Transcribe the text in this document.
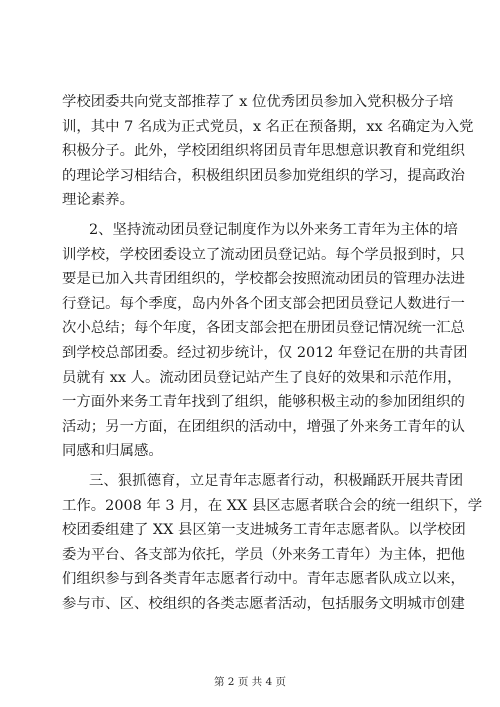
学校团委共向党支部推荐了 x 位优秀团员参加入党积极分子培
训，其中 7 名成为正式党员，x 名正在预备期，xx 名确定为入党
积极分子。此外，学校团组织将团员青年思想意识教育和党组织
的理论学习相结合，积极组织团员参加党组织的学习，提高政治
理论素养。
2、坚持流动团员登记制度作为以外来务工青年为主体的培
训学校，学校团委设立了流动团员登记站。每个学员报到时，只
要是已加入共青团组织的，学校都会按照流动团员的管理办法进
行登记。每个季度，岛内外各个团支部会把团员登记人数进行一
次小总结；每个年度，各团支部会把在册团员登记情况统一汇总
到学校总部团委。经过初步统计，仅 2012 年登记在册的共青团
员就有 xx 人。流动团员登记站产生了良好的效果和示范作用，
一方面外来务工青年找到了组织，能够积极主动的参加团组织的
活动；另一方面，在团组织的活动中，增强了外来务工青年的认
同感和归属感。
三、狠抓德育，立足青年志愿者行动，积极踊跃开展共青团
工作。2008 年 3 月，在 XX 县区志愿者联合会的统一组织下，学
校团委组建了 XX 县区第一支进城务工青年志愿者队。以学校团
委为平台、各支部为依托，学员（外来务工青年）为主体，把他
们组织参与到各类青年志愿者行动中。青年志愿者队成立以来，
参与市、区、校组织的各类志愿者活动，包括服务文明城市创建
第 2 页 共 4 页
